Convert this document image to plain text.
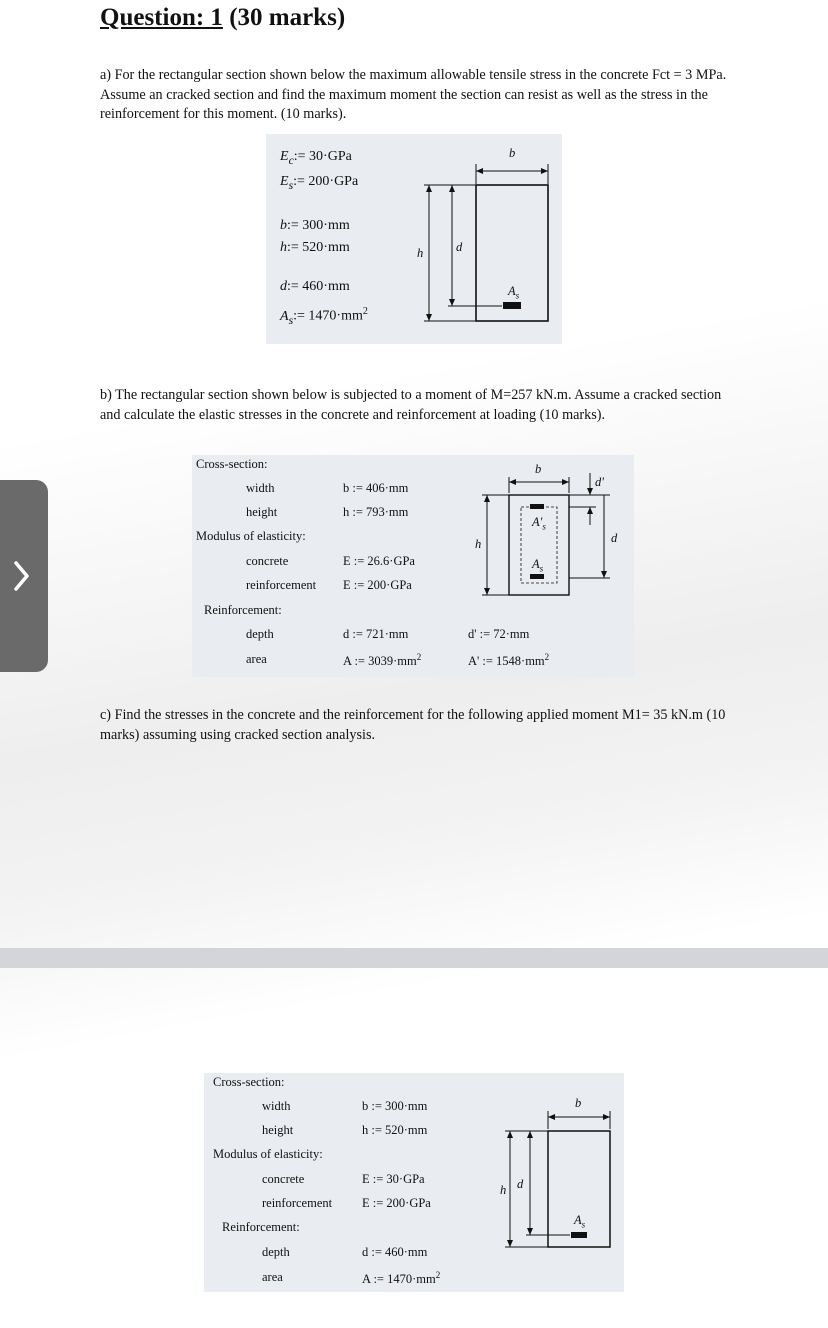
Question: 1 (30 marks)

a) For the rectangular section shown below the maximum allowable tensile stress in the concrete Fct = 3 MPa. Assume an cracked section and find the maximum moment the section can resist as well as the stress in the reinforcement for this moment. (10 marks).

$E_c:= 30\cdot GPa$
$E_s:= 200\cdot GPa$
b:= 300·mm
h:= 520·mm
d:= 460·mm
$A_s:= 1470\cdot mm^2$
b
h	d
$A_s$

b) The rectangular section shown below is subjected to a moment of M=257 kN.m. Assume a cracked section and calculate the elastic stresses in the concrete and reinforcement at loading (10 marks).

Cross-section:
width	b := 406·mm
height	h := 793·mm
Modulus of elasticity:
concrete	E := 26.6·GPa
reinforcement E := 200·GPa
Reinforcement:
depth	d := 721·mm	d' := 72·mm
area	A := $3039\cdot mm^2$	A' := $1548\cdot mm^2$
b
h	d
d'
$A'_s$
$A_s$

c) Find the stresses in the concrete and the reinforcement for the following applied moment M1= 35 kN.m (10 marks) assuming using cracked section analysis.

Cross-section:
width	b := 300·mm
height	h := 520·mm
Modulus of elasticity:
concrete	E := 30·GPa
reinforcement E := 200·GPa
Reinforcement:
depth	d := 460·mm
area	A := $1470\cdot mm^2$
b
h d
$A_s$
